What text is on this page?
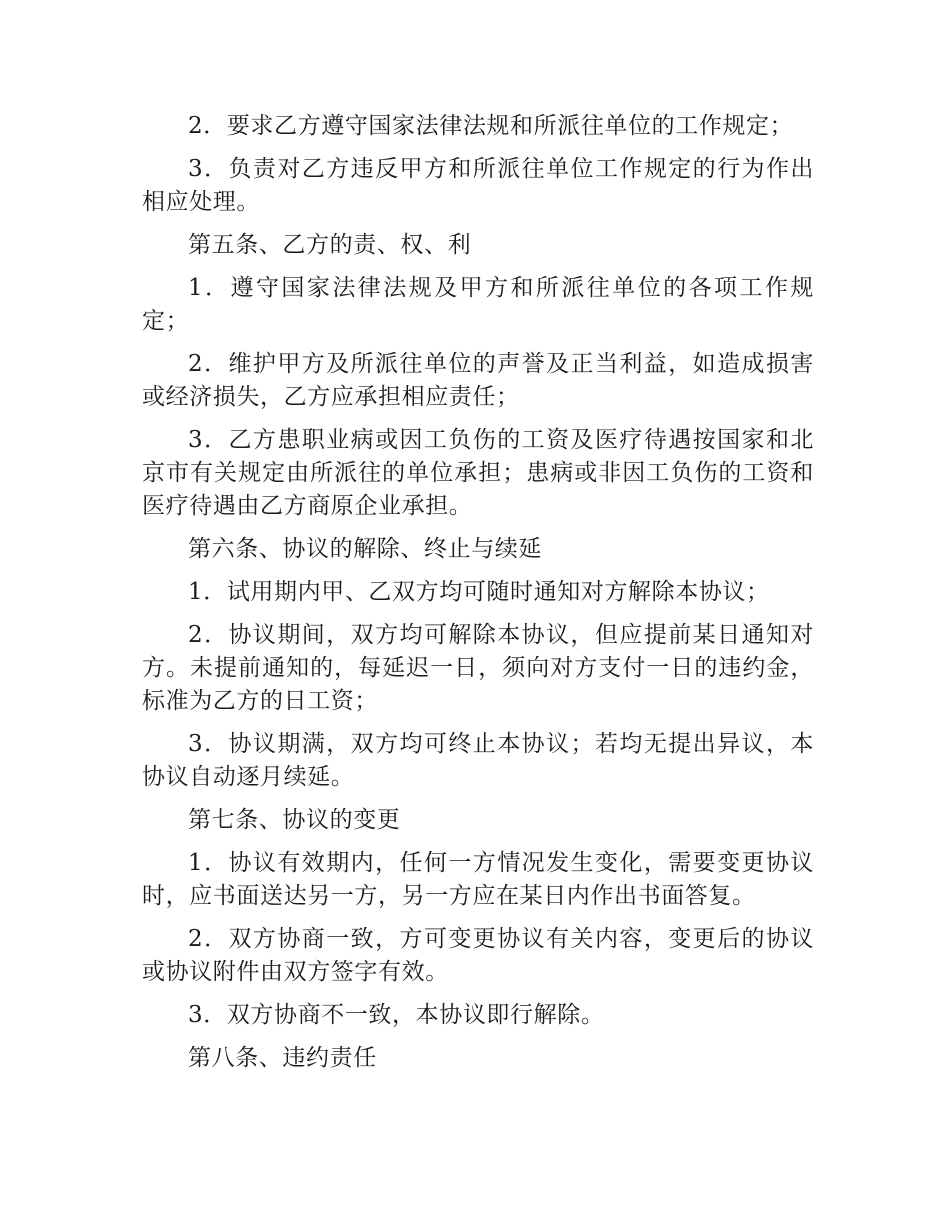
2．要求乙方遵守国家法律法规和所派往单位的工作规定；

3．负责对乙方违反甲方和所派往单位工作规定的行为作出相应处理。

第五条、乙方的责、权、利

1．遵守国家法律法规及甲方和所派往单位的各项工作规定；

2．维护甲方及所派往单位的声誉及正当利益，如造成损害或经济损失，乙方应承担相应责任；

3．乙方患职业病或因工负伤的工资及医疗待遇按国家和北京市有关规定由所派往的单位承担；患病或非因工负伤的工资和医疗待遇由乙方商原企业承担。

第六条、协议的解除、终止与续延

1．试用期内甲、乙双方均可随时通知对方解除本协议；

2．协议期间，双方均可解除本协议，但应提前某日通知对方。未提前通知的，每延迟一日，须向对方支付一日的违约金，标准为乙方的日工资；

3．协议期满，双方均可终止本协议；若均无提出异议，本协议自动逐月续延。

第七条、协议的变更

1．协议有效期内，任何一方情况发生变化，需要变更协议时，应书面送达另一方，另一方应在某日内作出书面答复。

2．双方协商一致，方可变更协议有关内容，变更后的协议或协议附件由双方签字有效。

3．双方协商不一致，本协议即行解除。

第八条、违约责任
